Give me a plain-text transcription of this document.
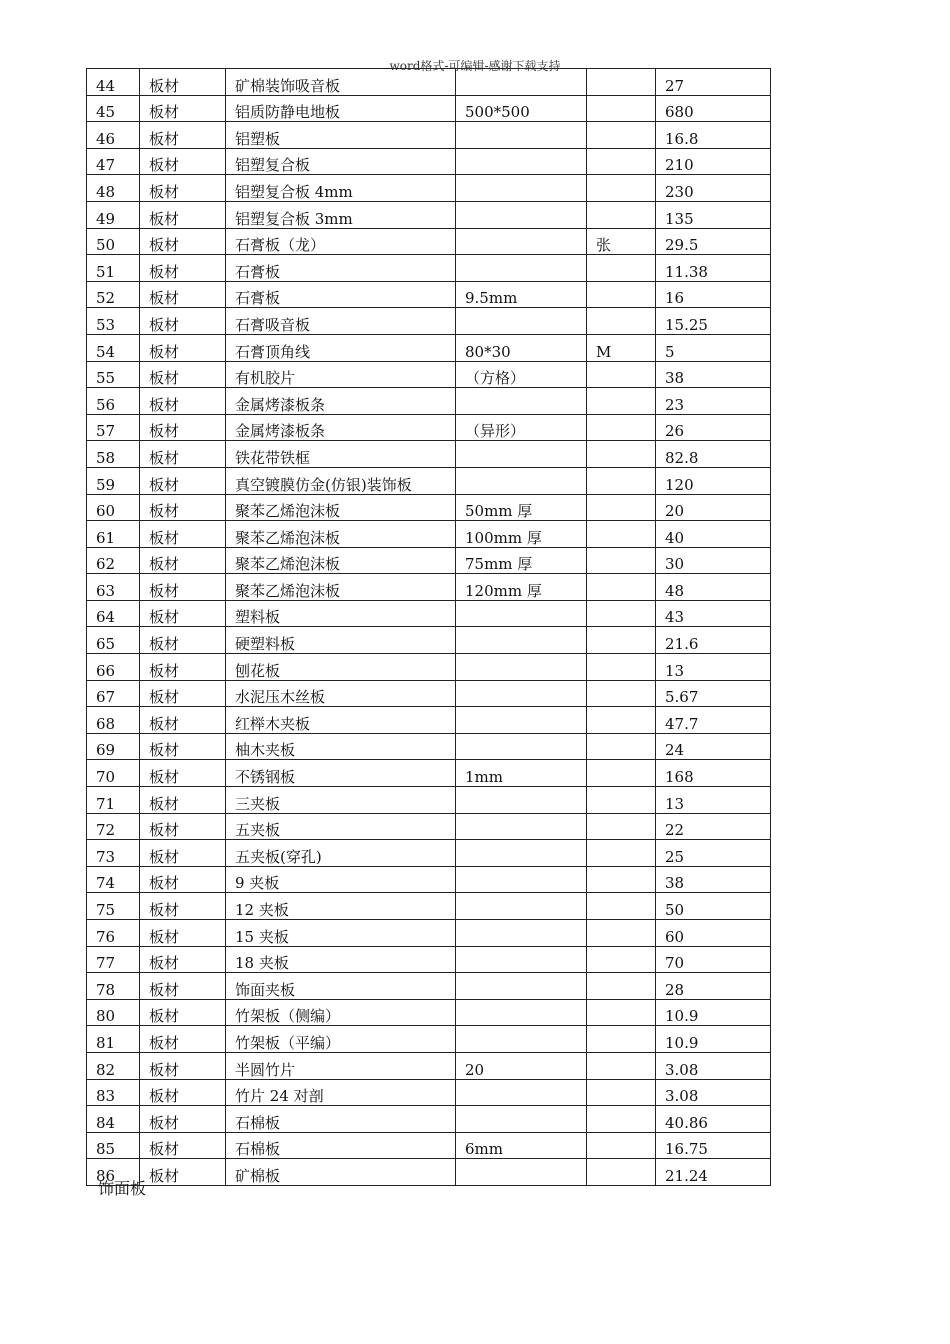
word格式-可编辑-感谢下载支持
44	板材	矿棉装饰吸音板			27
45	板材	铝质防静电地板	500*500		680
46	板材	铝塑板			16.8
47	板材	铝塑复合板			210
48	板材	铝塑复合板 4mm			230
49	板材	铝塑复合板 3mm			135
50	板材	石膏板（龙）		张	29.5
51	板材	石膏板			11.38
52	板材	石膏板	9.5mm		16
53	板材	石膏吸音板			15.25
54	板材	石膏顶角线	80*30	M	5
55	板材	有机胶片	（方格）		38
56	板材	金属烤漆板条			23
57	板材	金属烤漆板条	（异形）		26
58	板材	铁花带铁框			82.8
59	板材	真空镀膜仿金(仿银)装饰板			120
60	板材	聚苯乙烯泡沫板	50mm 厚		20
61	板材	聚苯乙烯泡沫板	100mm 厚		40
62	板材	聚苯乙烯泡沫板	75mm 厚		30
63	板材	聚苯乙烯泡沫板	120mm 厚		48
64	板材	塑料板			43
65	板材	硬塑料板			21.6
66	板材	刨花板			13
67	板材	水泥压木丝板			5.67
68	板材	红榉木夹板			47.7
69	板材	柚木夹板			24
70	板材	不锈钢板	1mm		168
71	板材	三夹板			13
72	板材	五夹板			22
73	板材	五夹板(穿孔)			25
74	板材	9 夹板			38
75	板材	12 夹板			50
76	板材	15 夹板			60
77	板材	18 夹板			70
78	板材	饰面夹板			28
80	板材	竹架板（侧编）			10.9
81	板材	竹架板（平编）			10.9
82	板材	半圆竹片	20		3.08
83	板材	竹片 24 对剖			3.08
84	板材	石棉板			40.86
85	板材	石棉板	6mm		16.75
86	板材	矿棉板			21.24
饰面板
